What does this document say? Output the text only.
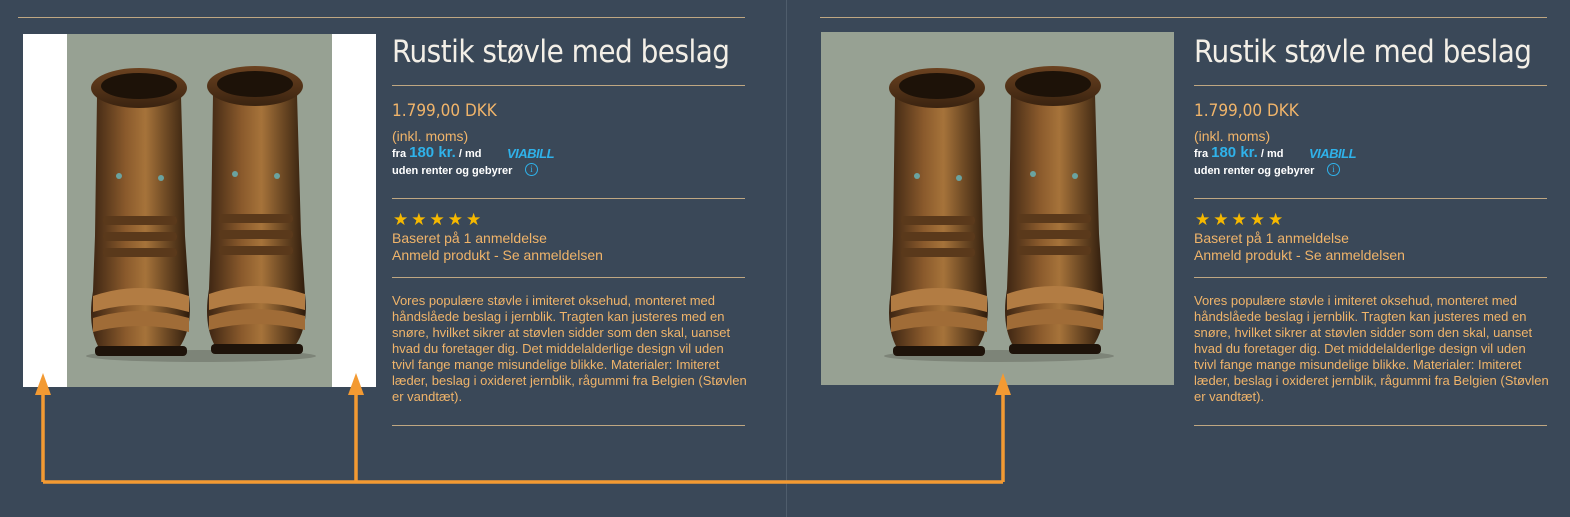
Rustik støvle med beslag
1.799,00 DKK
(inkl. moms)
fra 180 kr. / md VIABILL
uden renter og gebyrer	i
★ ★ ★ ★ ★
Baseret på 1 anmeldelse
Anmeld produkt - Se anmeldelsen
Vores populære støvle i imiteret oksehud, monteret med håndslåede beslag i jernblik. Tragten kan justeres med en snøre, hvilket sikrer at støvlen sidder som den skal, uanset hvad du foretager dig. Det middelalderlige design vil uden tvivl fange mange misundelige blikke. Materialer: Imiteret læder, beslag i oxideret jernblik, rågummi fra Belgien (Støvlen er vandtæt).
Rustik støvle med beslag
1.799,00 DKK
(inkl. moms)
fra 180 kr. / md VIABILL
uden renter og gebyrer	i
★ ★ ★ ★ ★
Baseret på 1 anmeldelse
Anmeld produkt - Se anmeldelsen
Vores populære støvle i imiteret oksehud, monteret med håndslåede beslag i jernblik. Tragten kan justeres med en snøre, hvilket sikrer at støvlen sidder som den skal, uanset hvad du foretager dig. Det middelalderlige design vil uden tvivl fange mange misundelige blikke. Materialer: Imiteret læder, beslag i oxideret jernblik, rågummi fra Belgien (Støvlen er vandtæt).
